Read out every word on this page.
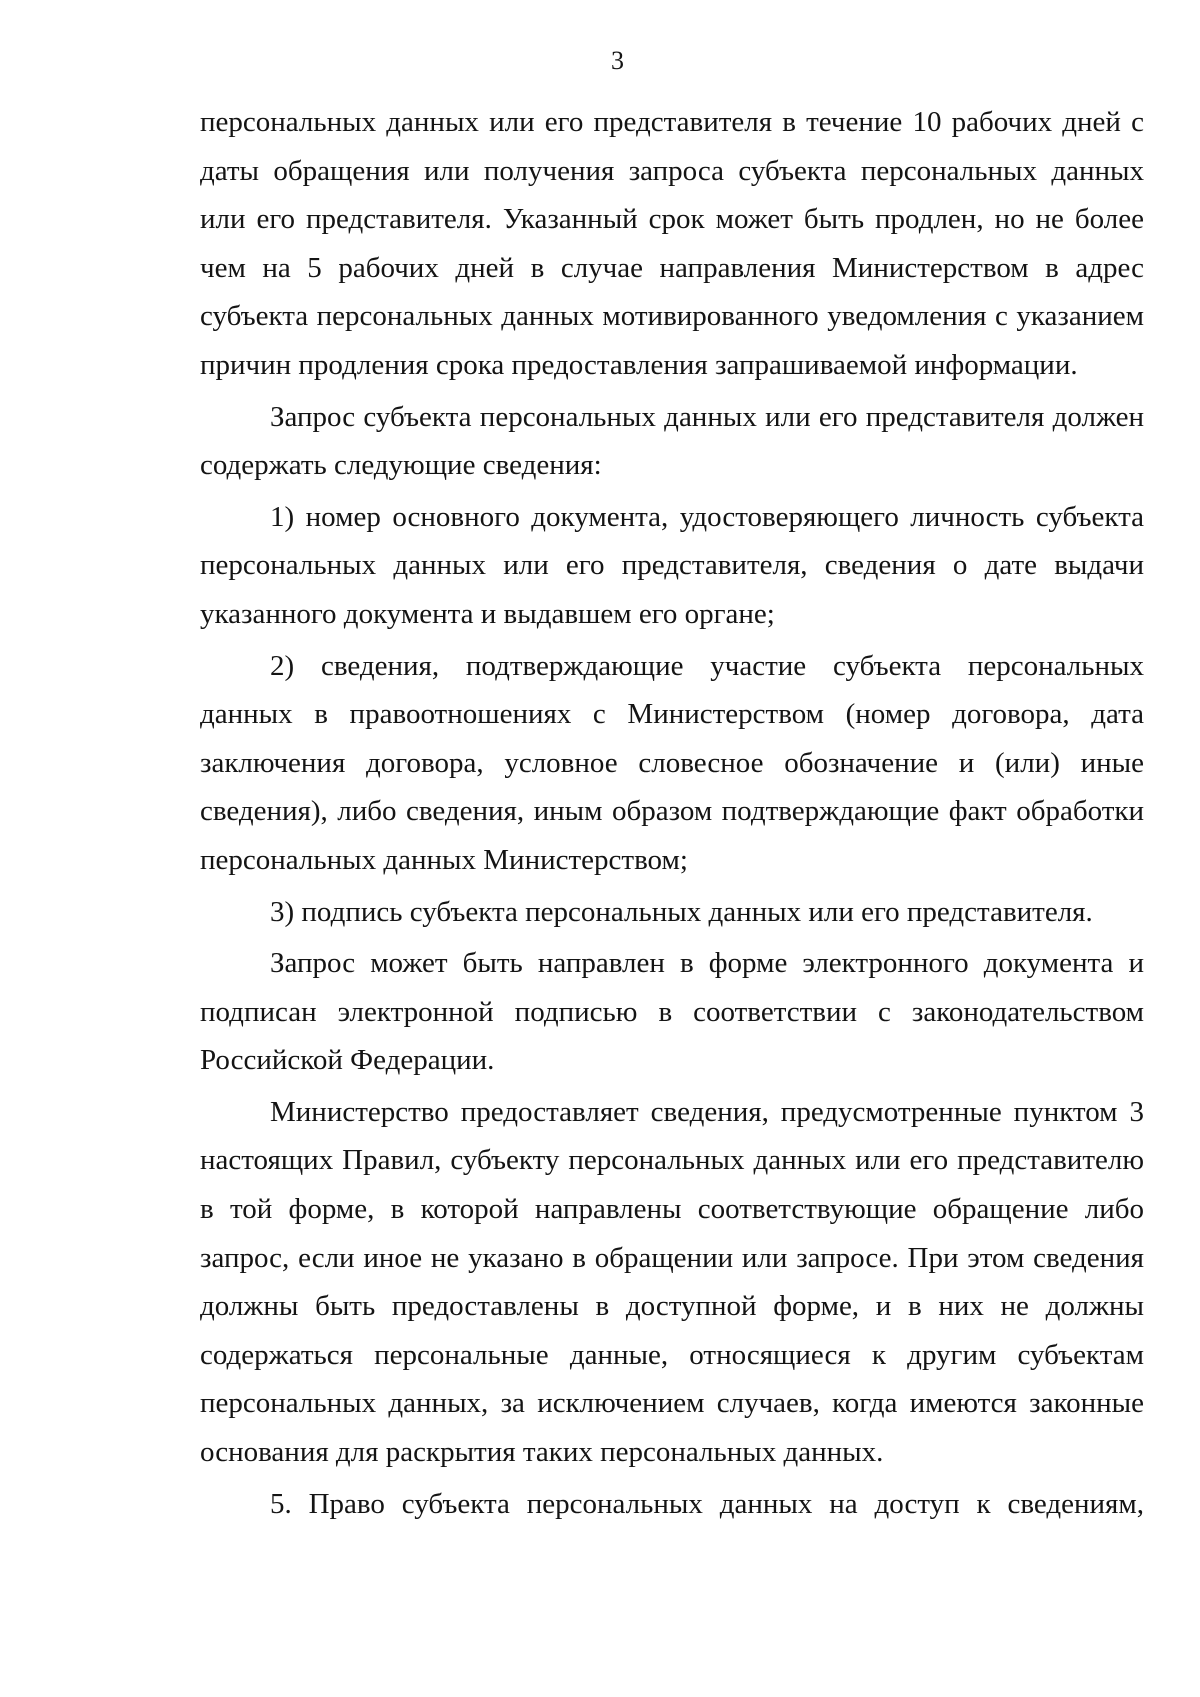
3

персональных данных или его представителя в течение 10 рабочих дней с даты обращения или получения запроса субъекта персональных данных или его представителя. Указанный срок может быть продлен, но не более чем на 5 рабочих дней в случае направления Министерством в адрес субъекта персональных данных мотивированного уведомления с указанием причин продления срока предоставления запрашиваемой информации.

Запрос субъекта персональных данных или его представителя должен содержать следующие сведения:

1) номер основного документа, удостоверяющего личность субъекта персональных данных или его представителя, сведения о дате выдачи указанного документа и выдавшем его органе;

2) сведения, подтверждающие участие субъекта персональных данных в правоотношениях с Министерством (номер договора, дата заключения договора, условное словесное обозначение и (или) иные сведения), либо сведения, иным образом подтверждающие факт обработки персональных данных Министерством;

3) подпись субъекта персональных данных или его представителя.

Запрос может быть направлен в форме электронного документа и подписан электронной подписью в соответствии с законодательством Российской Федерации.

Министерство предоставляет сведения, предусмотренные пунктом 3 настоящих Правил, субъекту персональных данных или его представителю в той форме, в которой направлены соответствующие обращение либо запрос, если иное не указано в обращении или запросе. При этом сведения должны быть предоставлены в доступной форме, и в них не должны содержаться персональные данные, относящиеся к другим субъектам персональных данных, за исключением случаев, когда имеются законные основания для раскрытия таких персональных данных.

5. Право субъекта персональных данных на доступ к сведениям,
